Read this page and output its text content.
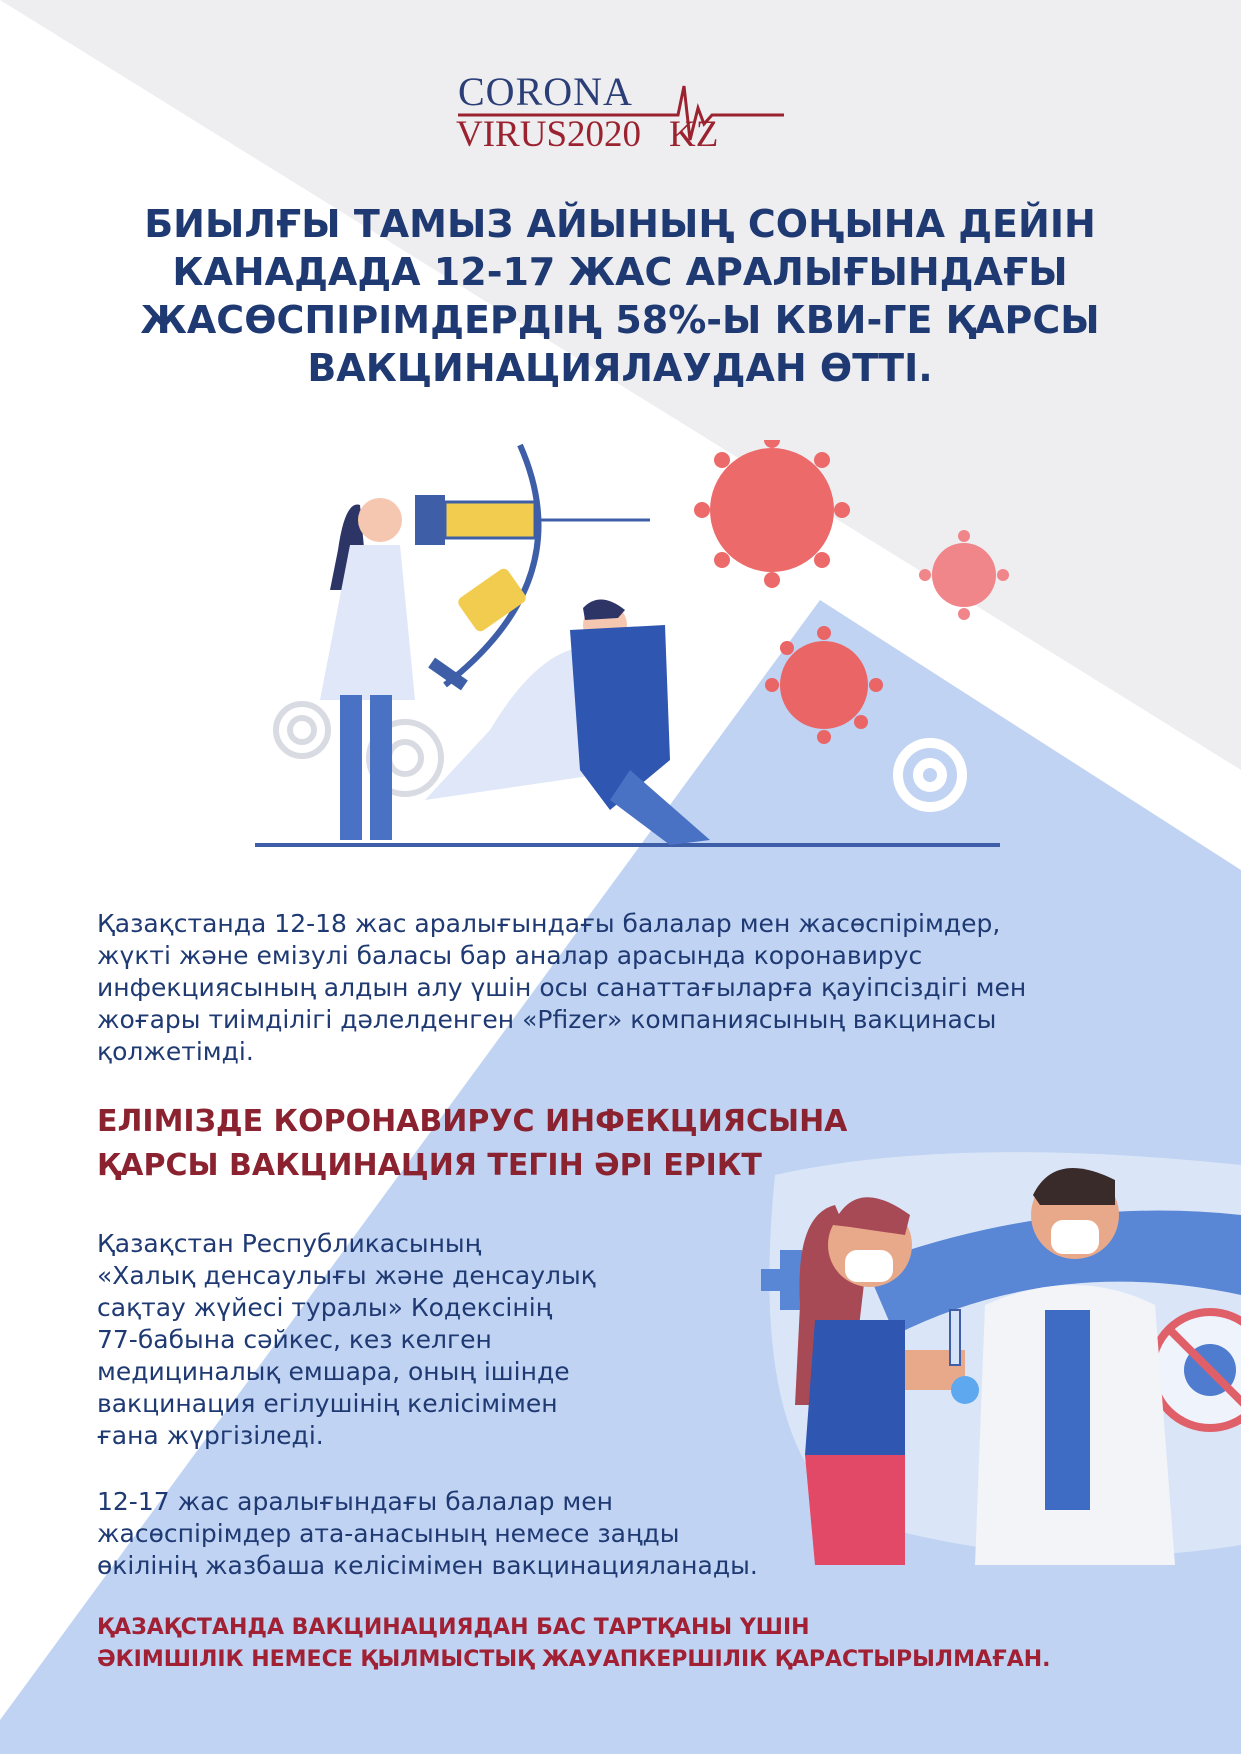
CORONA
VIRUS2020 KZ
БИЫЛҒЫ ТАМЫЗ АЙЫНЫҢ СОҢЫНА ДЕЙІН
КАНАДАДА 12-17 ЖАС АРАЛЫҒЫНДАҒЫ
ЖАСӨСПІРІМДЕРДІҢ 58%-Ы КВИ-ГЕ ҚАРСЫ
ВАКЦИНАЦИЯЛАУДАН ӨТТІ.
Қазақстанда 12-18 жас аралығындағы балалар мен жасөспірімдер,
жүкті және емізулі баласы бар аналар арасында коронавирус
инфекциясының алдын алу үшін осы санаттағыларға қауіпсіздігі мен
жоғары тиімділігі дәлелденген «Pfizer» компаниясының вакцинасы
қолжетімді.
ЕЛІМІЗДЕ КОРОНАВИРУС ИНФЕКЦИЯСЫНА
ҚАРСЫ ВАКЦИНАЦИЯ ТЕГІН ӘРІ ЕРІКТ
Қазақстан Республикасының
«Халық денсаулығы және денсаулық
сақтау жүйесі туралы» Кодексінің
77-бабына сәйкес, кез келген
медициналық емшара, оның ішінде
вакцинация егілушінің келісімімен
ғана жүргізіледі.
12-17 жас аралығындағы балалар мен
жасөспірімдер ата-анасының немесе заңды
өкілінің жазбаша келісімімен вакцинацияланады.
ҚАЗАҚСТАНДА ВАКЦИНАЦИЯДАН БАС ТАРТҚАНЫ ҮШІН
ӘКІМШІЛІК НЕМЕСЕ ҚЫЛМЫСТЫҚ ЖАУАПКЕРШІЛІК ҚАРАСТЫРЫЛМАҒАН.
